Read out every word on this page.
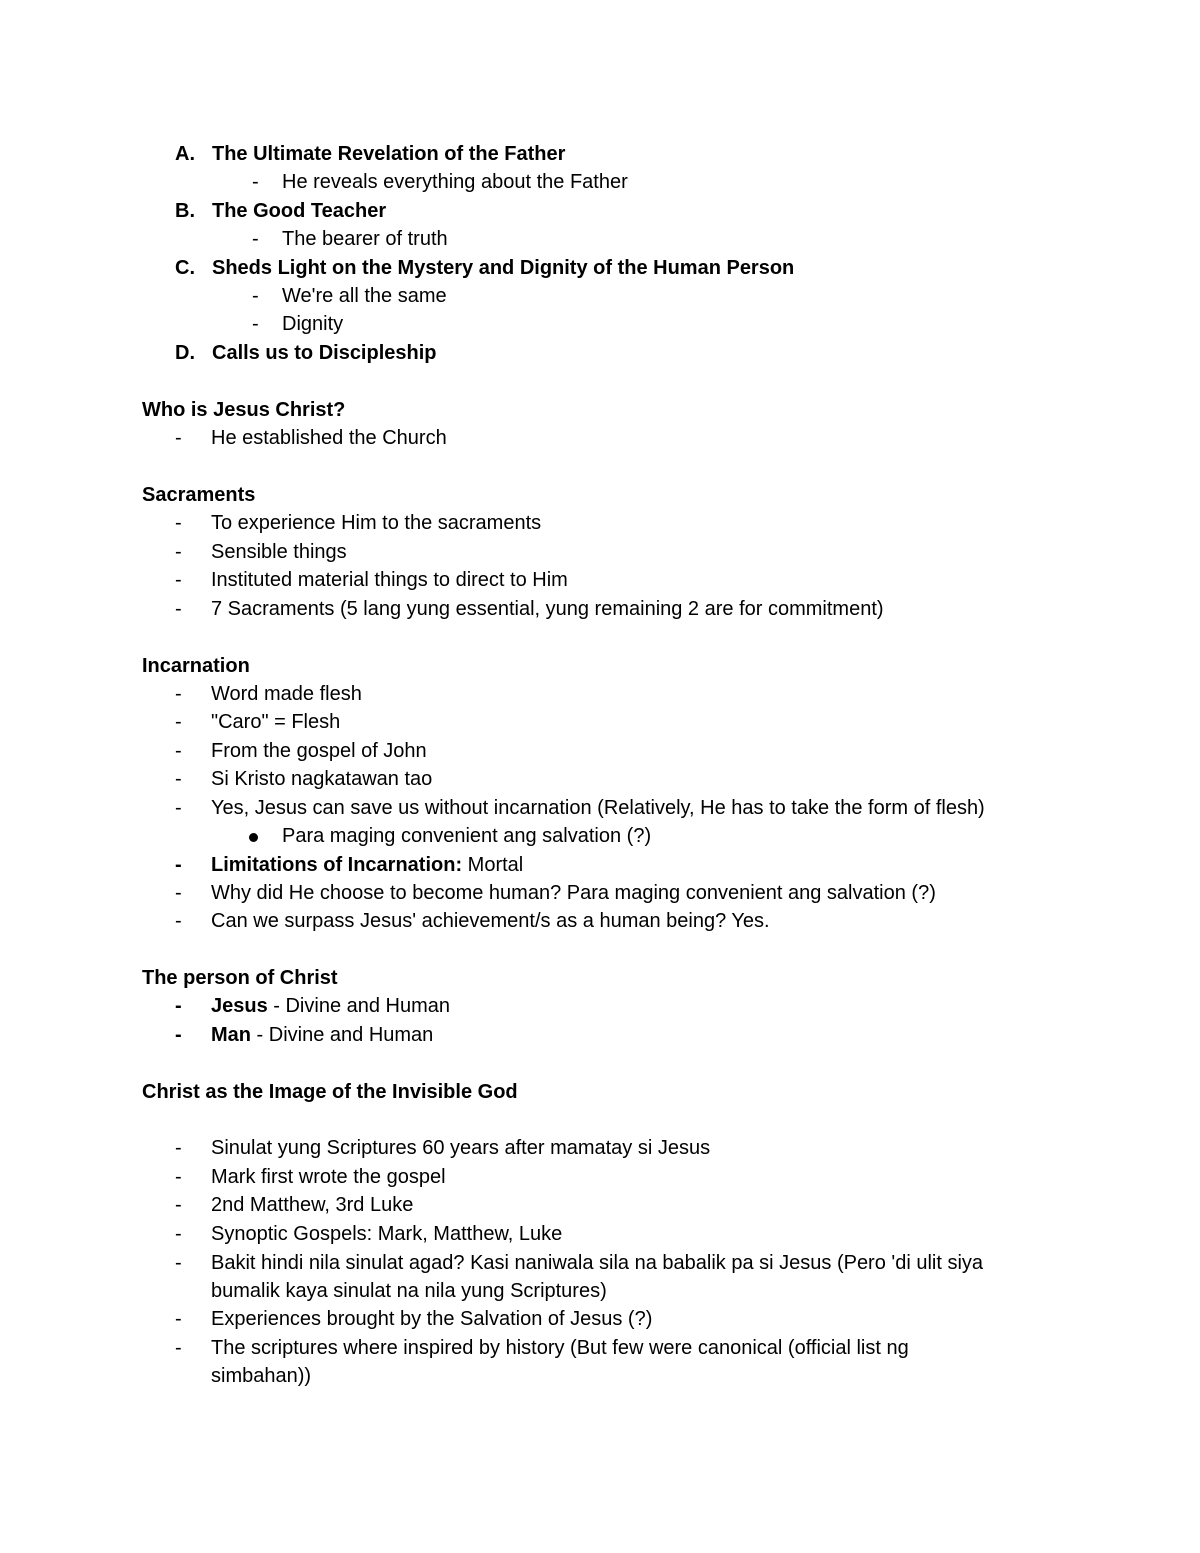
A. The Ultimate Revelation of the Father
- He reveals everything about the Father
B. The Good Teacher
- The bearer of truth
C. Sheds Light on the Mystery and Dignity of the Human Person
- We're all the same
- Dignity
D. Calls us to Discipleship
Who is Jesus Christ?
- He established the Church
Sacraments
- To experience Him to the sacraments
- Sensible things
- Instituted material things to direct to Him
- 7 Sacraments (5 lang yung essential, yung remaining 2 are for commitment)
Incarnation
- Word made flesh
- "Caro" = Flesh
- From the gospel of John
- Si Kristo nagkatawan tao
- Yes, Jesus can save us without incarnation (Relatively, He has to take the form of flesh)
Para maging convenient ang salvation (?)
- Limitations of Incarnation: Mortal
- Why did He choose to become human? Para maging convenient ang salvation (?)
- Can we surpass Jesus' achievement/s as a human being? Yes.
The person of Christ
- Jesus - Divine and Human
- Man - Divine and Human
Christ as the Image of the Invisible God
- Sinulat yung Scriptures 60 years after mamatay si Jesus
- Mark first wrote the gospel
- 2nd Matthew, 3rd Luke
- Synoptic Gospels: Mark, Matthew, Luke
- Bakit hindi nila sinulat agad? Kasi naniwala sila na babalik pa si Jesus (Pero 'di ulit siya
bumalik kaya sinulat na nila yung Scriptures)
- Experiences brought by the Salvation of Jesus (?)
- The scriptures where inspired by history (But few were canonical (official list ng
simbahan))
